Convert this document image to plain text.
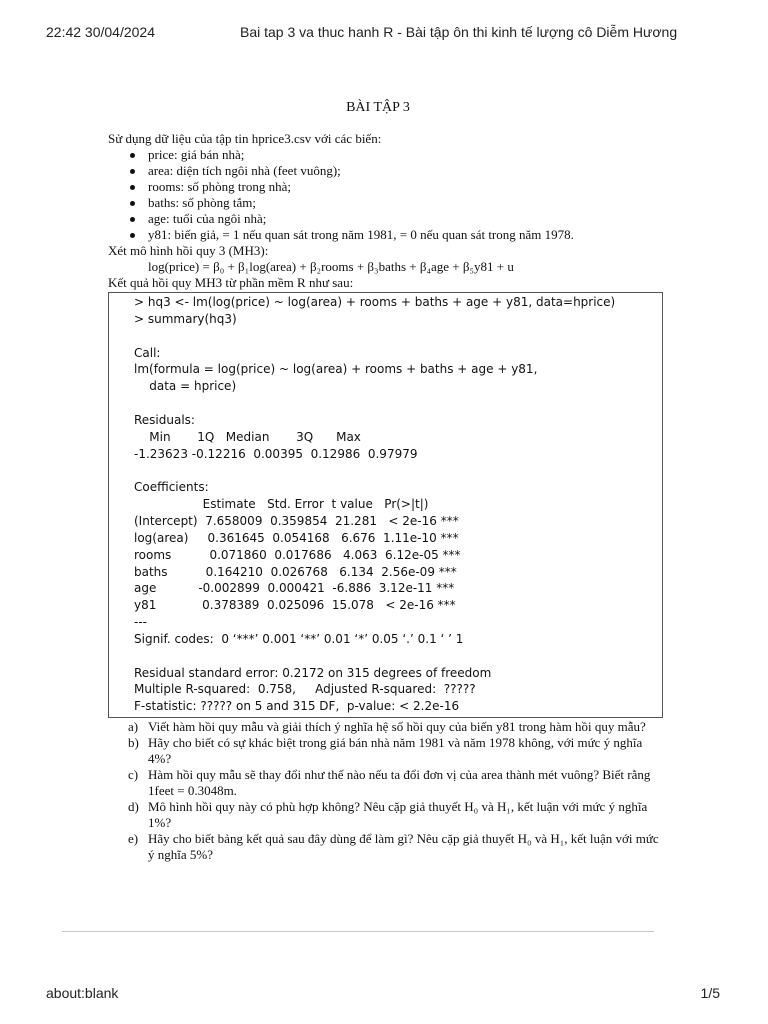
22:42 30/04/2024	Bai tap 3 va thuc hanh R - Bài tập ôn thi kinh tế lượng cô Diễm Hương
BÀI TẬP 3
Sử dụng dữ liệu của tập tin hprice3.csv với các biến:
price: giá bán nhà;
area: diện tích ngôi nhà (feet vuông);
rooms: số phòng trong nhà;
baths: số phòng tắm;
age: tuổi của ngôi nhà;
y81: biến giả, = 1 nếu quan sát trong năm 1981, = 0 nếu quan sát trong năm 1978.
Xét mô hình hồi quy 3 (MH3):
log(price) = β₀ + β₁log(area) + β₂rooms + β₃baths + β₄age + β₅y81 + u
Kết quả hồi quy MH3 từ phần mềm R như sau:
> hq3 <- lm(log(price) ~ log(area) + rooms + baths + age + y81, data=hprice)
> summary(hq3)
Call:
lm(formula = log(price) ~ log(area) + rooms + baths + age + y81,
data = hprice)
Residuals:
Min       1Q   Median       3Q      Max
-1.23623 -0.12216  0.00395  0.12986  0.97979
Coefficients:
Estimate   Std. Error  t value   Pr(>|t|)
(Intercept)  7.658009  0.359854  21.281   < 2e-16 ***
log(area)     0.361645  0.054168   6.676  1.11e-10 ***
rooms          0.071860  0.017686   4.063  6.12e-05 ***
baths          0.164210  0.026768   6.134  2.56e-09 ***
age           -0.002899  0.000421  -6.886  3.12e-11 ***
y81            0.378389  0.025096  15.078   < 2e-16 ***
---
Signif. codes:  0 ‘***’ 0.001 ‘**’ 0.01 ‘*’ 0.05 ‘.’ 0.1 ‘ ’ 1
Residual standard error: 0.2172 on 315 degrees of freedom
Multiple R-squared:  0.758,     Adjusted R-squared:  ?????
F-statistic: ????? on 5 and 315 DF,  p-value: < 2.2e-16
a) Viết hàm hồi quy mẫu và giải thích ý nghĩa hệ số hồi quy của biến y81 trong hàm hồi quy mẫu?
b) Hãy cho biết có sự khác biệt trong giá bán nhà năm 1981 và năm 1978 không, với mức ý nghĩa 4%?
c) Hàm hồi quy mẫu sẽ thay đổi như thế nào nếu ta đổi đơn vị của area thành mét vuông? Biết rằng 1feet = 0.3048m.
d) Mô hình hồi quy này có phù hợp không? Nêu cặp giả thuyết H₀ và H₁, kết luận với mức ý nghĩa 1%?
e) Hãy cho biết bảng kết quả sau đây dùng để làm gì? Nêu cặp giả thuyết H₀ và H₁, kết luận với mức ý nghĩa 5%?
about:blank	1/5
